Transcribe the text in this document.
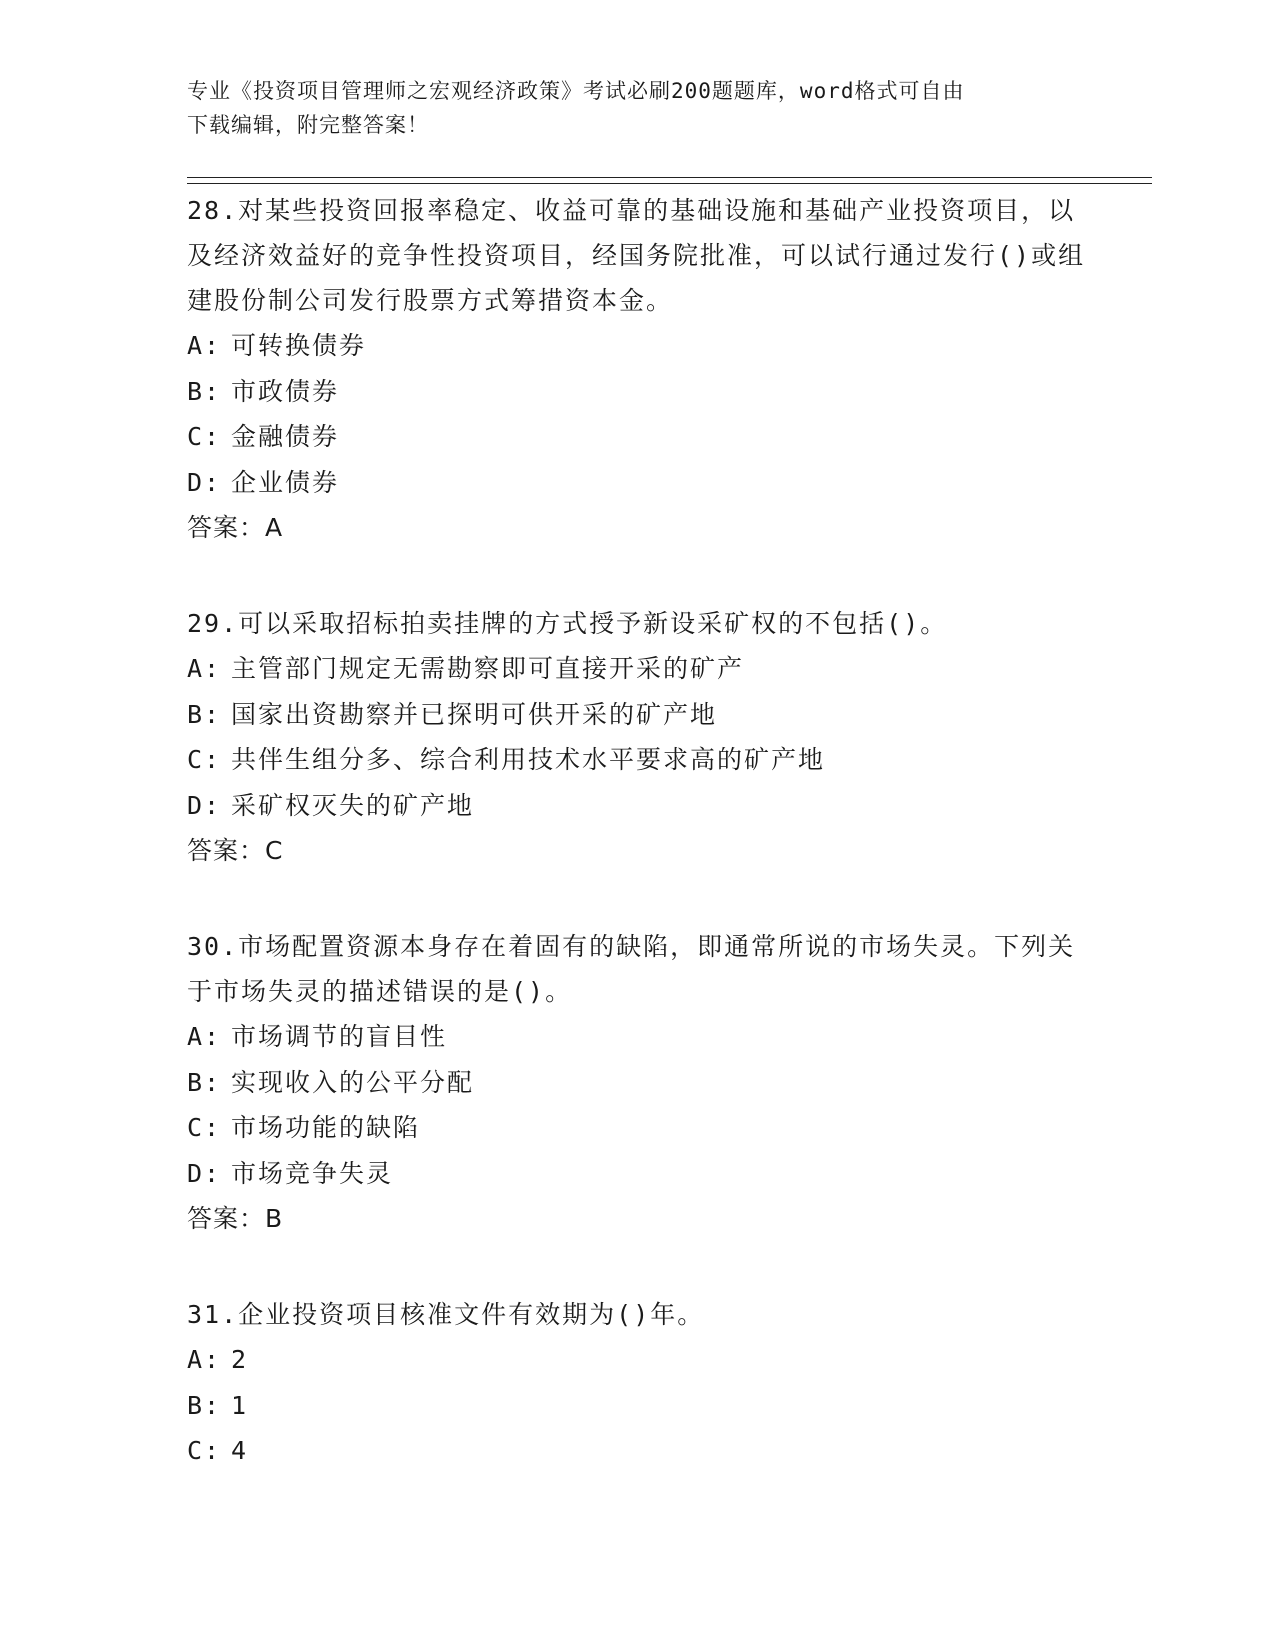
专业《投资项目管理师之宏观经济政策》考试必刷200题题库，word格式可自由
下载编辑，附完整答案！

28.对某些投资回报率稳定、收益可靠的基础设施和基础产业投资项目，以及经济效益好的竞争性投资项目，经国务院批准，可以试行通过发行()或组建股份制公司发行股票方式筹措资本金。

A: 可转换债券

B: 市政债券

C: 金融债券

D: 企业债券

答案：A

29.可以采取招标拍卖挂牌的方式授予新设采矿权的不包括()。

A: 主管部门规定无需勘察即可直接开采的矿产

B: 国家出资勘察并已探明可供开采的矿产地

C: 共伴生组分多、综合利用技术水平要求高的矿产地

D: 采矿权灭失的矿产地

答案：C

30.市场配置资源本身存在着固有的缺陷，即通常所说的市场失灵。下列关于市场失灵的描述错误的是()。

A: 市场调节的盲目性

B: 实现收入的公平分配

C: 市场功能的缺陷

D: 市场竞争失灵

答案：B

31.企业投资项目核准文件有效期为()年。

A: 2

B: 1

C: 4
